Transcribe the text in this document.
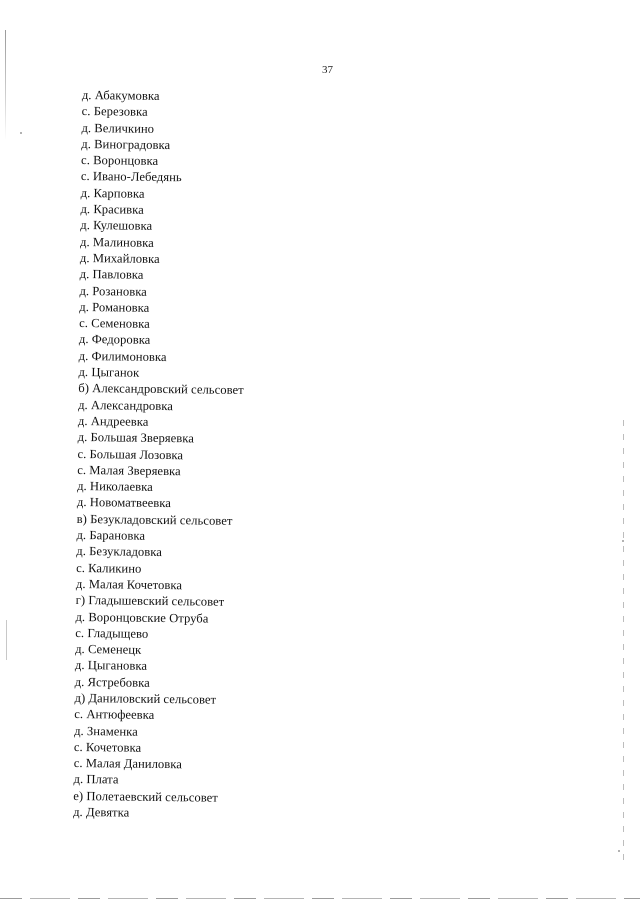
37
д. Абакумовка
с. Березовка
д. Величкино
д. Виноградовка
с. Воронцовка
с. Ивано-Лебедянь
д. Карповка
д. Красивка
д. Кулешовка
д. Малиновка
д. Михайловка
д. Павловка
д. Розановка
д. Романовка
с. Семеновка
д. Федоровка
д. Филимоновка
д. Цыганок
б) Александровский сельсовет
д. Александровка
д. Андреевка
д. Большая Зверяевка
с. Большая Лозовка
с. Малая Зверяевка
д. Николаевка
д. Новоматвеевка
в) Безукладовский сельсовет
д. Барановка
д. Безукладовка
с. Каликино
д. Малая Кочетовка
г) Гладышевский сельсовет
д. Воронцовские Отруба
с. Гладыщево
д. Семенецк
д. Цыгановка
д. Ястребовка
д) Даниловский сельсовет
с. Антюфеевка
д. Знаменка
с. Кочетовка
с. Малая Даниловка
д. Плата
е) Полетаевский сельсовет
д. Девятка
